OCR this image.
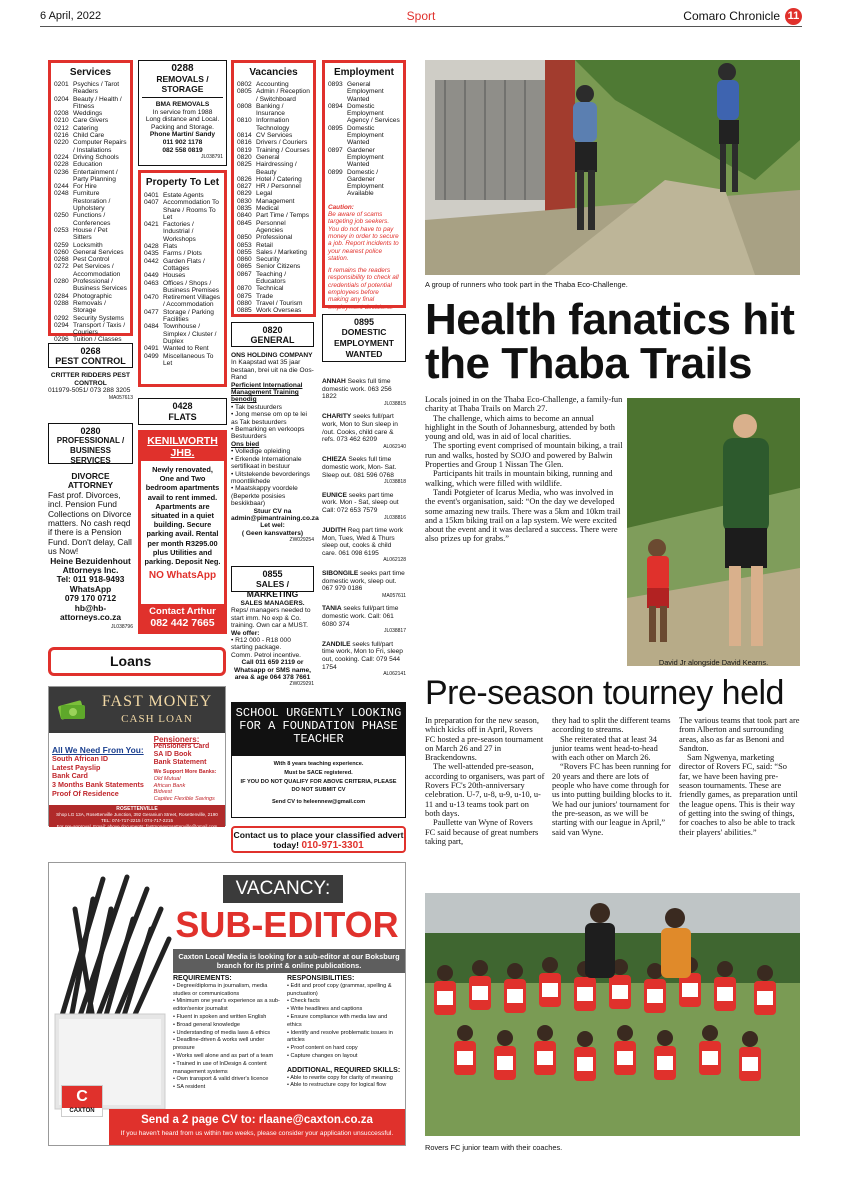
6 April, 2022	Sport	Comaro Chronicle 11
Services
0201 Psychics / Tarot Readers
0204 Beauty / Health / Fitness
0208 Weddings
0210 Care Givers
0212 Catering
0216 Child Care
0220 Computer Repairs / Installations
0224 Driving Schools
0228 Education
0236 Entertainment / Party Planning
0244 For Hire
0248 Furniture Restoration / Upholstery
0250 Functions / Conferences
0253 House / Pet Sitters
0259 Locksmith
0260 General Services
0268 Pest Control
0272 Pet Services / Accommodation
0280 Professional / Business Services
0284 Photographic
0288 Removals / Storage
0292 Security Systems
0294 Transport / Taxis / Couriers
0296 Tuition / Classes
0288
REMOVALS / STORAGE
BMA REMOVALS
In service from 1988
Long distance and Local.
Packing and Storage.
Phone Martin/ Sandy
011 902 1178
082 558 0819
JL038791
Property To Let
0401 Estate Agents
0407 Accommodation To Share / Rooms To Let
0421 Factories / Industrial / Workshops
0428 Flats
0435 Farms / Plots
0442 Garden Flats / Cottages
0449 Houses
0463 Offices / Shops / Business Premises
0470 Retirement Villages / Accommodation
0477 Storage / Parking Facilities
0484 Townhouse / Simplex / Cluster / Duplex
0491 Wanted to Rent
0499 Miscellaneous To Let
Vacancies
0802 Accounting
0805 Admin / Reception / Switchboard
0808 Banking / Insurance
0810 Information Technology
0814 CV Services
0816 Drivers / Couriers
0819 Training / Courses
0820 General
0825 Hairdressing / Beauty
0826 Hotel / Catering
0827 HR / Personnel
0829 Legal
0830 Management
0835 Medical
0840 Part Time / Temps
0845 Personnel Agencies
0850 Professional
0853 Retail
0855 Sales / Marketing
0860 Security
0865 Senior Citizens
0867 Teaching / Educators
0870 Technical
0875 Trade
0880 Travel / Tourism
0885 Work Overseas
Employment
0893 General Employment Wanted
0894 Domestic Employment Agency / Services
0895 Domestic Employment Wanted
0897 Gardener Employment Wanted
0899 Domestic / Gardener Employment Available
Caution:
Be aware of scams targeting job seekers. You do not have to pay money in order to secure a job. Report incidents to your nearest police station.
It remains the readers responsibility to check all credentials of potential employees before making any final employment decisions.
0268
PEST CONTROL
CRITTER RIDDERS PEST CONTROL
011979-5051/ 073 288 3205
MA057613
0280
PROFESSIONAL / BUSINESS SERVICES
DIVORCE ATTORNEY
Fast prof. Divorces, incl. Pension Fund Collections on Divorce matters. No cash reqd if there is a Pension Fund. Don't delay, Call us Now!
Heine Bezuidenhout Attorneys Inc.
Tel: 011 918-9493
WhatsApp
079 170 0712
hb@hb-attorneys.co.za
JL038796
0428
FLATS
KENILWORTH JHB.
Newly renovated, One and Two bedroom apartments avail to rent immed. Apartments are situated in a quiet building. Secure parking avail. Rental per month R3295.00 plus Utilities and parking. Deposit Neg.
NO WhatsApp
Contact Arthur
082 442 7665
0820
GENERAL
ONS HOLDING COMPANY
In Kaapstad wat 35 jaar bestaan, brei uit na die Oos-Rand
Perficient International Management Training benodig
• Tak bestuurders
• Jong mense om op te lei as Tak bestuurders
• Bemarking en verkoops Bestuurders
Ons bied
• Volledige opleiding
• Erkende Internationale sertifikaat in bestuur
• Uitstekende bevorderings moontlikhede
• Maatskappy voordele (Beperkte posisies beskikbaar)
Stuur CV na admin@pimantraining.co.za
Let wel:
( Geen kansvatters)
ZW029254
0855
SALES / MARKETING
SALES MANAGERS.
Reps/ managers needed to start imm. No exp & Co. training. Own car a MUST.
We offer:
• R12 000 - R18 000 starting package.
Comm. Petrol incentive.
Call 011 659 2119 or Whatsapp or SMS name, area & age 064 378 7661
ZW029291
0895
DOMESTIC EMPLOYMENT WANTED
ANNAH Seeks full time domestic work. 063 256 1822
JL038815
CHARITY seeks full/part work, Mon to Sun sleep in /out. Cooks, child care & refs. 073 462 6209
AL062140
CHIEZA Seeks full time domestic work, Mon- Sat. Sleep out. 081 596 0768
JL038818
EUNICE seeks part time work. Mon - Sat, sleep out Call: 072 653 7579
JL038816
JUDITH Req part time work Mon, Tues, Wed & Thurs sleep out, cooks & child care. 061 098 6195
AL062128
SIBONGILE seeks part time domestic work, sleep out. 067 979 0186
MA057611
TANIA seeks full/part time domestic work. Call: 061 6080 374
JL038817
ZANDILE seeks full/part time work, Mon to Fri, sleep out, cooking. Call: 079 544 1754
AL062141
Loans
FAST MONEY
CASH LOAN
All We Need From You:
South African ID
Latest Payslip
Bank Card
3 Months Bank Statements
Proof Of Residence
Pensioners:
Pensioners Card
SA ID Book
Bank Statement
We Support More Banks:
Old Mutual
African Bank
Bidvest
Capitec Flexible Savings
ROSETTENVILLE
Shop LG 13A, Rosettenville Junction, 392 Geranium Street, Rosettenville, 2190
TEL: 074-717-2215 / 074-717-2215
For pre-approval, Email: above documents: fastmoneyrosettenville@gmail.com
SCHOOL URGENTLY LOOKING FOR A FOUNDATION PHASE TEACHER
With 8 years teaching experience.
Must be SACE registered.
IF YOU DO NOT QUALIFY FOR ABOVE CRITERIA, PLEASE DO NOT SUBMIT CV
Send CV to heleennew@gmail.com
Contact us to place your classified advert today! 010-971-3301
VACANCY:
SUB-EDITOR
Caxton Local Media is looking for a sub-editor at our Boksburg branch for its print & online publications.
REQUIREMENTS:
• Degree/diploma in journalism, media studies or communications
• Minimum one year's experience as a sub-editor/senior journalist
• Fluent in spoken and written English
• Broad general knowledge
• Understanding of media laws & ethics
• Deadline-driven & works well under pressure
• Works well alone and as part of a team
• Trained in use of InDesign & content management systems
• Own transport & valid driver's licence
• SA resident
RESPONSIBILITIES:
• Edit and proof copy (grammar, spelling & punctuation)
• Check facts
• Write headlines and captions
• Ensure compliance with media law and ethics
• Identify and resolve problematic issues in articles
• Proof content on hard copy
• Capture changes on layout
ADDITIONAL, REQUIRED SKILLS:
• Able to rewrite copy for clarity of meaning
• Able to restructure copy for logical flow
C
CAXTON
Send a 2 page CV to: rlaane@caxton.co.za
If you haven't heard from us within two weeks, please consider your application unsuccessful.
A group of runners who took part in the Thaba Eco-Challenge.
Health fanatics hit the Thaba Trails
Locals joined in on the Thaba Eco-Challenge, a family-fun charity at Thaba Trails on March 27.
The challenge, which aims to become an annual highlight in the South of Johannesburg, attended by both young and old, was in aid of local charities.
The sporting event comprised of mountain biking, a trail run and walks, hosted by SOJO and powered by Balwin Properties and Group 1 Nissan The Glen.
Participants hit trails in mountain biking, running and walking, which were filled with wildlife.
Tandi Potgieter of Icarus Media, who was involved in the event's organisation, said: “On the day we developed some amazing new trails. There was a 5km and 10km trail and a 15km biking trail on a lap system. We were excited about the event and it was declared a success. There were also prizes up for grabs.”
David Jr alongside David Kearns.
Pre-season tourney held
In preparation for the new season, which kicks off in April, Rovers FC hosted a pre-season tournament on March 26 and 27 in Brackendowns.
The well-attended pre-season, according to organisers, was part of Rovers FC's 20th-anniversary celebration. U-7, u-8, u-9, u-10, u-11 and u-13 teams took part on both days.
Paullette van Wyne of Rovers FC said because of great numbers taking part,
they had to split the different teams according to streams.
She reiterated that at least 34 junior teams went head-to-head with each other on March 26.
“Rovers FC has been running for 20 years and there are lots of people who have come through for us into putting building blocks to it. We had our juniors' tournament for the pre-season, as we will be starting with our league in April,” said van Wyne.
The various teams that took part are from Alberton and surrounding areas, also as far as Benoni and Sandton.
Sam Ngwenya, marketing director of Rovers FC, said: “So far, we have been having pre-season tournaments. These are friendly games, as preparation until the league opens. This is their way of getting into the swing of things, for coaches to also be able to track their players' abilities.”
Rovers FC junior team with their coaches.
